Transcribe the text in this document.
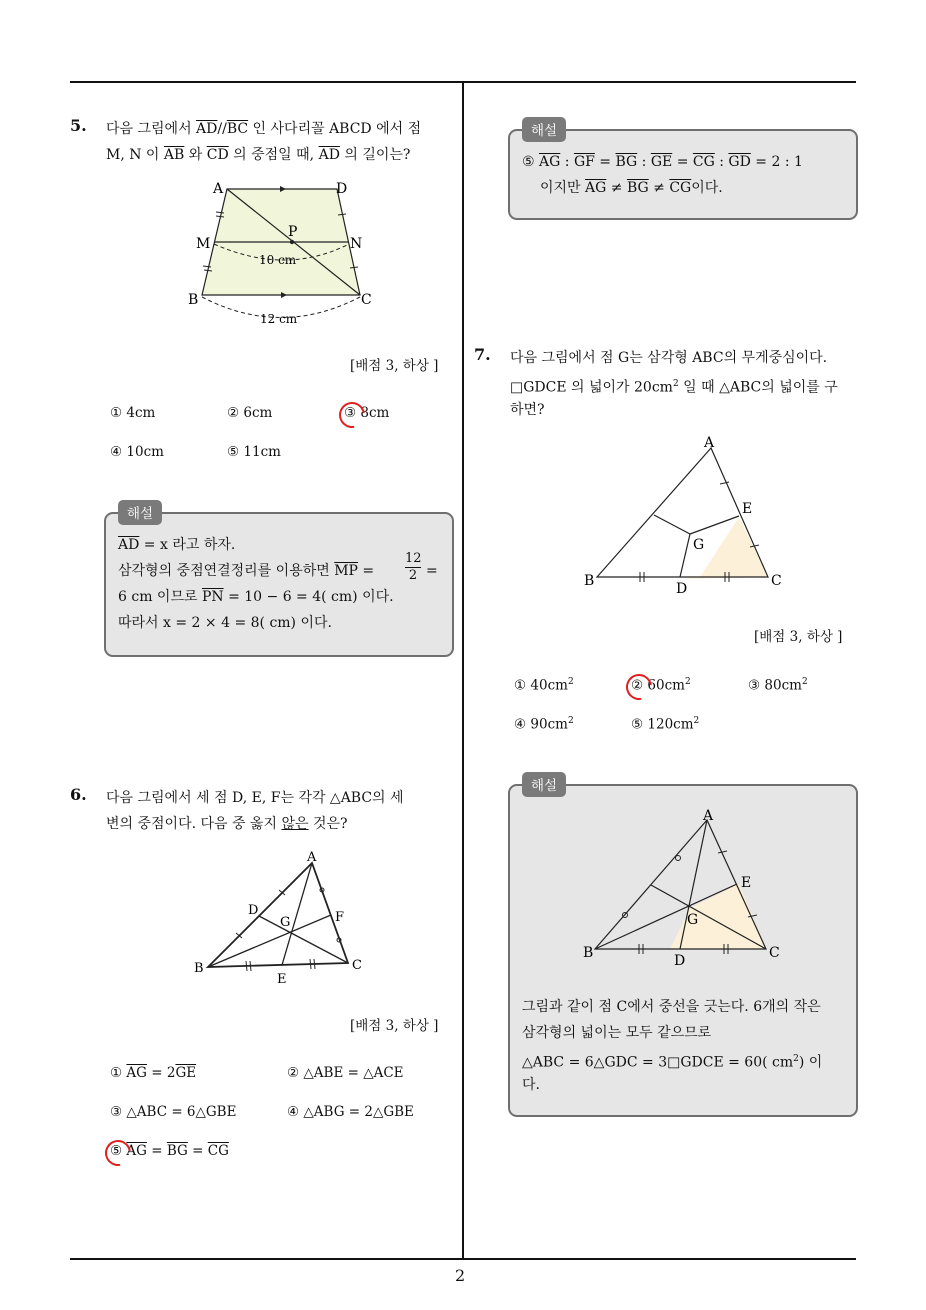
2
5. 다음 그림에서 $\overline{AD}//\overline{BC}$ 인 사다리꼴 ABCD 에서 점
M, N 이 $\overline{AB}$ 와 $\overline{CD}$ 의 중점일 때, $\overline{AD}$ 의 길이는?
A	D
M	N
P
B	C
10 cm
12 cm
[배점 3, 하상 ]
① 4cm	② 6cm	③ 8cm
④ 10cm	⑤ 11cm
해설
$\overline{AD} = x$ 라고 하자.
삼각형의 중점연결정리를 이용하면 $\overline{MP}$ =
12
2 =
6 cm 이므로 $\overline{PN} = 10 - 6 = 4$( cm) 이다.
따라서 x = 2 × 4 = 8( cm) 이다.
6. 다음 그림에서 세 점 D, E, F는 각각 △ABC의 세
변의 중점이다. 다음 중 옳지 않은 것은?
A
B	C
D
E
F
G
[배점 3, 하상 ]
① $\overline{AG} = 2\overline{GE}$	② △ABE = △ACE
③ △ABC = 6△GBE	④ △ABG = 2△GBE
⑤ $\overline{AG} = \overline{BG} = \overline{CG}$
해설
⑤ $\overline{AG}$ : $\overline{GF} = \overline{BG}$ : $\overline{GE} = \overline{CG}$ : $\overline{GD} = 2$ : 1
이지만 $\overline{AG} \ne \overline{BG} \ne \overline{CG}$이다.
7. 다음 그림에서 점 G는 삼각형 ABC의 무게중심이다.
□GDCE 의 넓이가 $20cm^2$ 일 때 △ABC의 넓이를 구
하면?
A
B	C
D
E
G
[배점 3, 하상 ]
① $40cm^2$	② $60cm^2$	③ $80cm^2$
④ $90cm^2$	⑤ $120cm^2$
해설
A
B	C
D
E
G
그림과 같이 점 C에서 중선을 긋는다. 6개의 작은
삼각형의 넓이는 모두 같으므로
△ABC = 6△GDC = 3□GDCE = 60( $cm^2$) 이
다.
